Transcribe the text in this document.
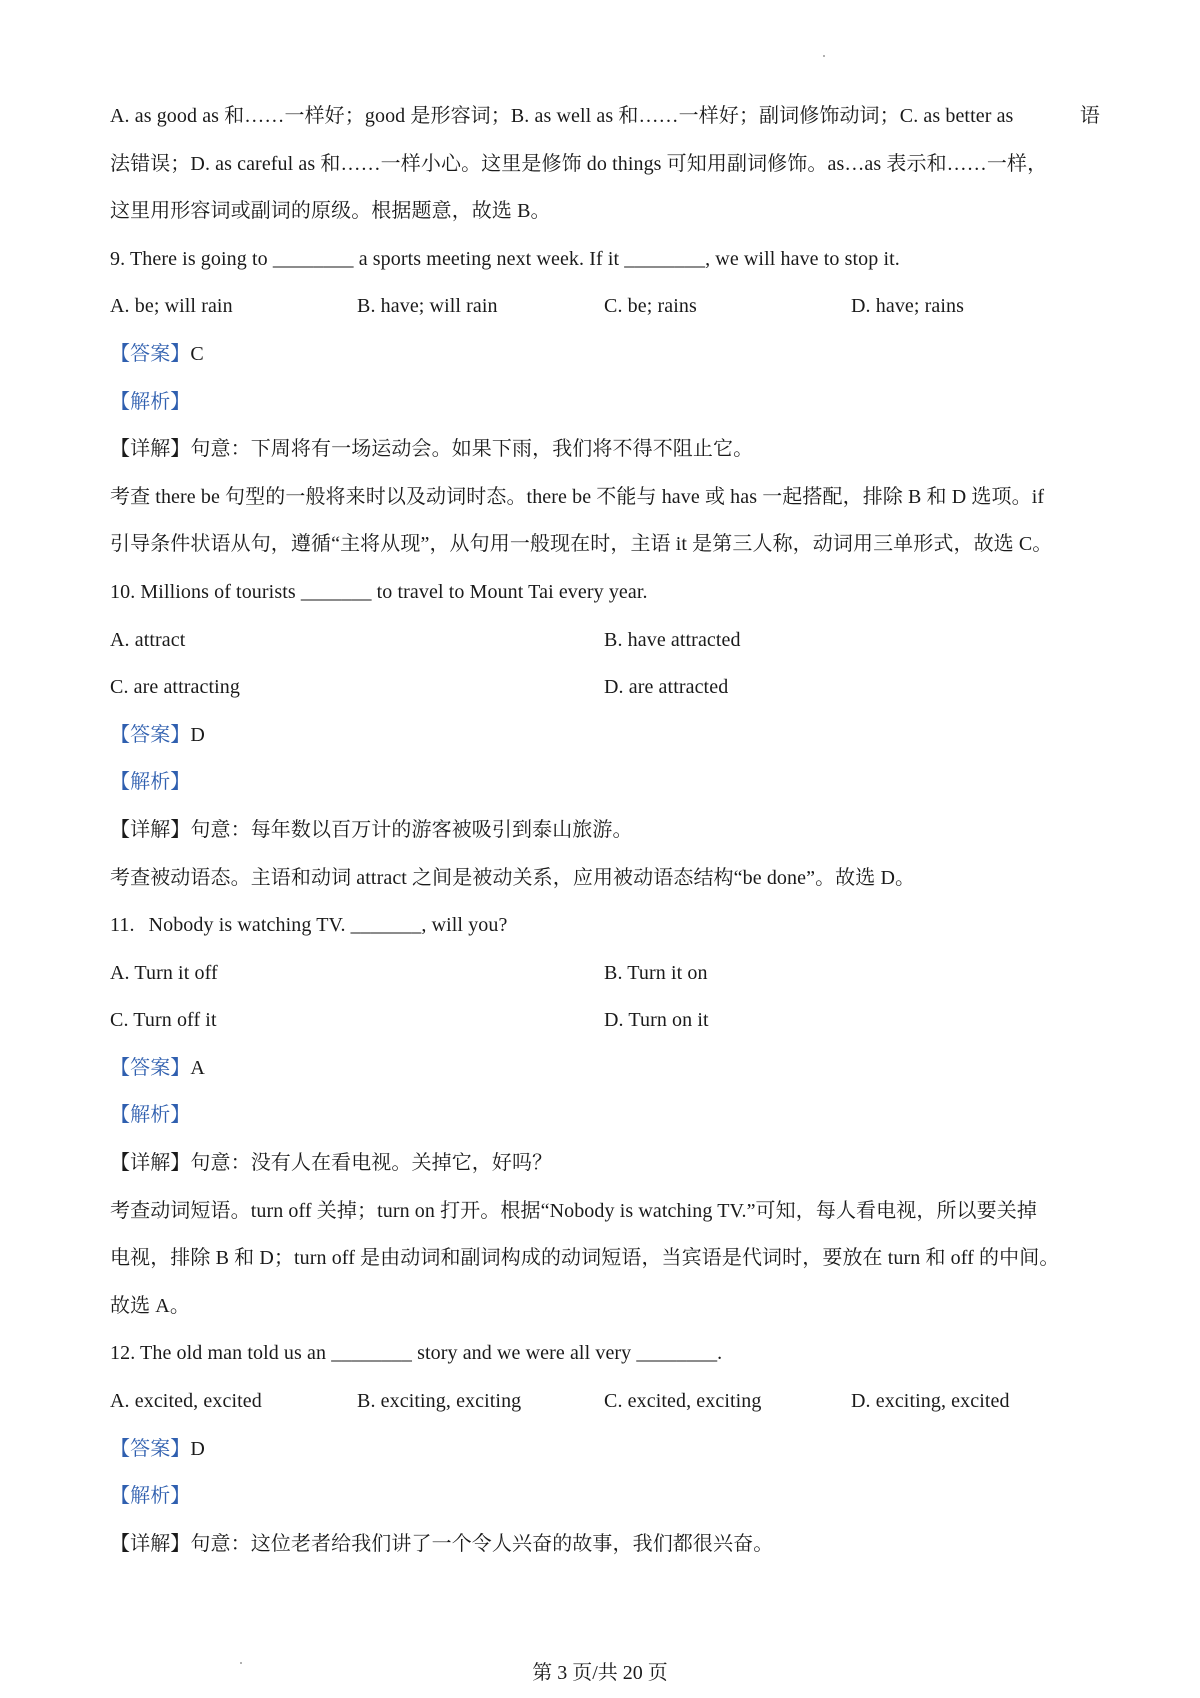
A. as good as 和……一样好；good 是形容词；B. as well as 和……一样好；副词修饰动词；C. as better as	语
法错误；D. as careful as 和……一样小心。这里是修饰 do things 可知用副词修饰。as…as 表示和……一样，
这里用形容词或副词的原级。根据题意，故选 B。
9. There is going to ________ a sports meeting next week. If it ________, we will have to stop it.
A. be; will rain	B. have; will rain	C. be; rains	D. have; rains
【答案】C
【解析】
【详解】句意：下周将有一场运动会。如果下雨，我们将不得不阻止它。
考查 there be 句型的一般将来时以及动词时态。there be 不能与 have 或 has 一起搭配，排除 B 和 D 选项。if
引导条件状语从句，遵循“主将从现”，从句用一般现在时，主语 it 是第三人称，动词用三单形式，故选 C。
10. Millions of tourists _______ to travel to Mount Tai every year.
A. attract	B. have attracted
C. are attracting	D. are attracted
【答案】D
【解析】
【详解】句意：每年数以百万计的游客被吸引到泰山旅游。
考查被动语态。主语和动词 attract 之间是被动关系，应用被动语态结构“be done”。故选 D。
11. Nobody is watching TV. _______, will you?
A. Turn it off	B. Turn it on
C. Turn off it	D. Turn on it
【答案】A
【解析】
【详解】句意：没有人在看电视。关掉它，好吗？
考查动词短语。turn off 关掉；turn on 打开。根据“Nobody is watching TV.”可知，每人看电视，所以要关掉
电视，排除 B 和 D；turn off 是由动词和副词构成的动词短语，当宾语是代词时，要放在 turn 和 off 的中间。
故选 A。
12. The old man told us an ________ story and we were all very ________.
A. excited, excited	B. exciting, exciting	C. excited, exciting	D. exciting, excited
【答案】D
【解析】
【详解】句意：这位老者给我们讲了一个令人兴奋的故事，我们都很兴奋。
第 3 页/共 20 页
